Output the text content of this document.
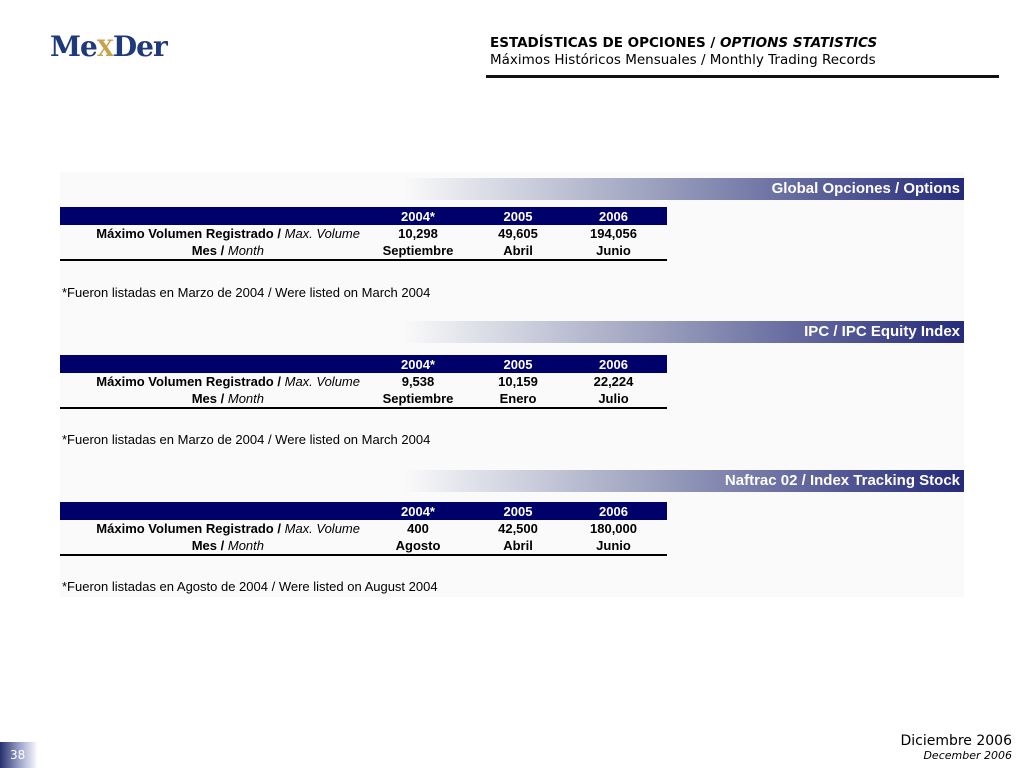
MeXDer	ESTADÍSTICAS DE OPCIONES / OPTIONS STATISTICS
Máximos Históricos Mensuales / Monthly Trading Records
Global Opciones / Options
	2004*	2005	2006
Máximo Volumen Registrado / Max. Volume	10,298	49,605	194,056
Mes / Month	Septiembre	Abril	Junio
*Fueron listadas en Marzo de 2004 / Were listed on March 2004
IPC / IPC Equity Index
	2004*	2005	2006
Máximo Volumen Registrado / Max. Volume	9,538	10,159	22,224
Mes / Month	Septiembre	Enero	Julio
*Fueron listadas en Marzo de 2004 / Were listed on March 2004
Naftrac 02 / Index Tracking Stock
	2004*	2005	2006
Máximo Volumen Registrado / Max. Volume	400	42,500	180,000
Mes / Month	Agosto	Abril	Junio
*Fueron listadas en Agosto de 2004 / Were listed on August 2004
Diciembre 2006
December 2006
38
